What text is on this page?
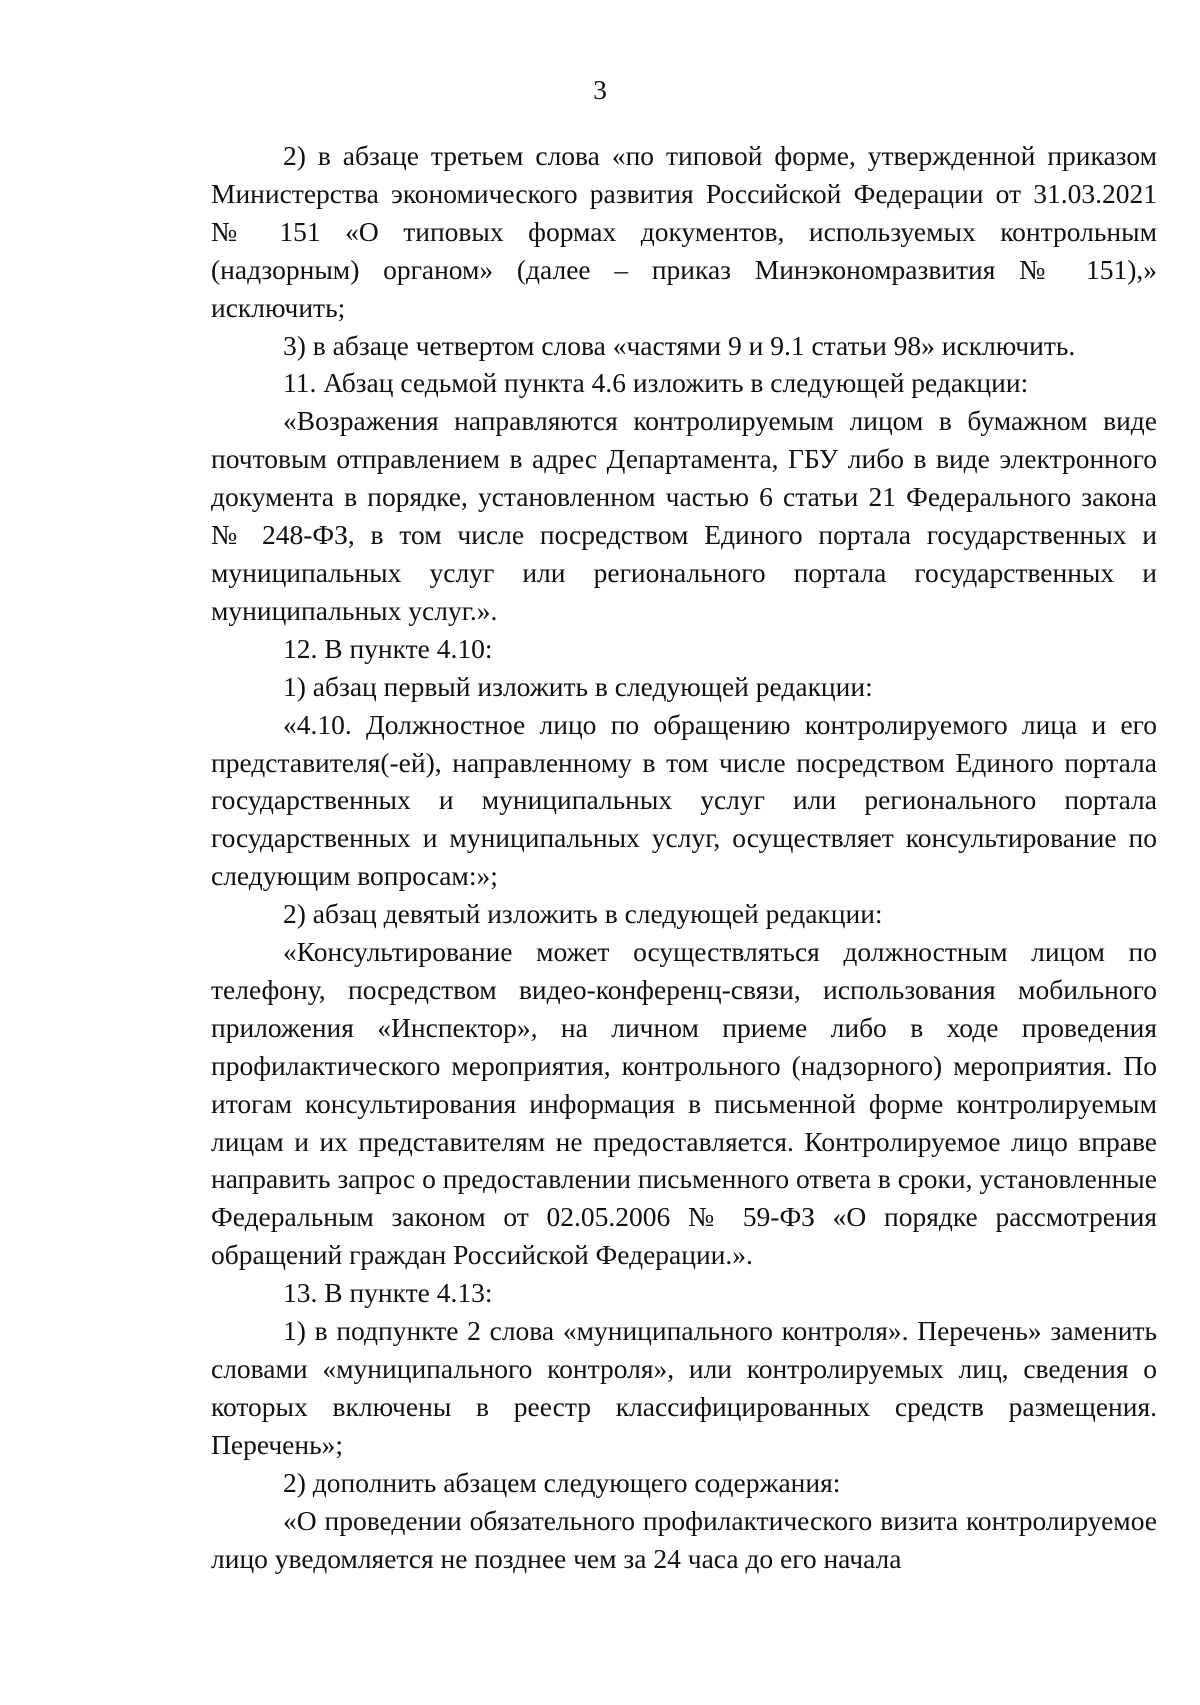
3

2) в абзаце третьем слова «по типовой форме, утвержденной приказом Министерства экономического развития Российской Федерации от 31.03.2021 № 151 «О типовых формах документов, используемых контрольным (надзорным) органом» (далее – приказ Минэкономразвития № 151),» исключить;

3) в абзаце четвертом слова «частями 9 и 9.1 статьи 98» исключить.

11. Абзац седьмой пункта 4.6 изложить в следующей редакции:

«Возражения направляются контролируемым лицом в бумажном виде почтовым отправлением в адрес Департамента, ГБУ либо в виде электронного документа в порядке, установленном частью 6 статьи 21 Федерального закона № 248-ФЗ, в том числе посредством Единого портала государственных и муниципальных услуг или регионального портала государственных и муниципальных услуг.».

12. В пункте 4.10:

1) абзац первый изложить в следующей редакции:

«4.10. Должностное лицо по обращению контролируемого лица и его представителя(-ей), направленному в том числе посредством Единого портала государственных и муниципальных услуг или регионального портала государственных и муниципальных услуг, осуществляет консультирование по следующим вопросам:»;

2) абзац девятый изложить в следующей редакции:

«Консультирование может осуществляться должностным лицом по телефону, посредством видео-конференц-связи, использования мобильного приложения «Инспектор», на личном приеме либо в ходе проведения профилактического мероприятия, контрольного (надзорного) мероприятия. По итогам консультирования информация в письменной форме контролируемым лицам и их представителям не предоставляется. Контролируемое лицо вправе направить запрос о предоставлении письменного ответа в сроки, установленные Федеральным законом от 02.05.2006 № 59-ФЗ «О порядке рассмотрения обращений граждан Российской Федерации.».

13. В пункте 4.13:

1) в подпункте 2 слова «муниципального контроля». Перечень» заменить словами «муниципального контроля», или контролируемых лиц, сведения о которых включены в реестр классифицированных средств размещения. Перечень»;

2) дополнить абзацем следующего содержания:

«О проведении обязательного профилактического визита контролируемое лицо уведомляется не позднее чем за 24 часа до его начала
